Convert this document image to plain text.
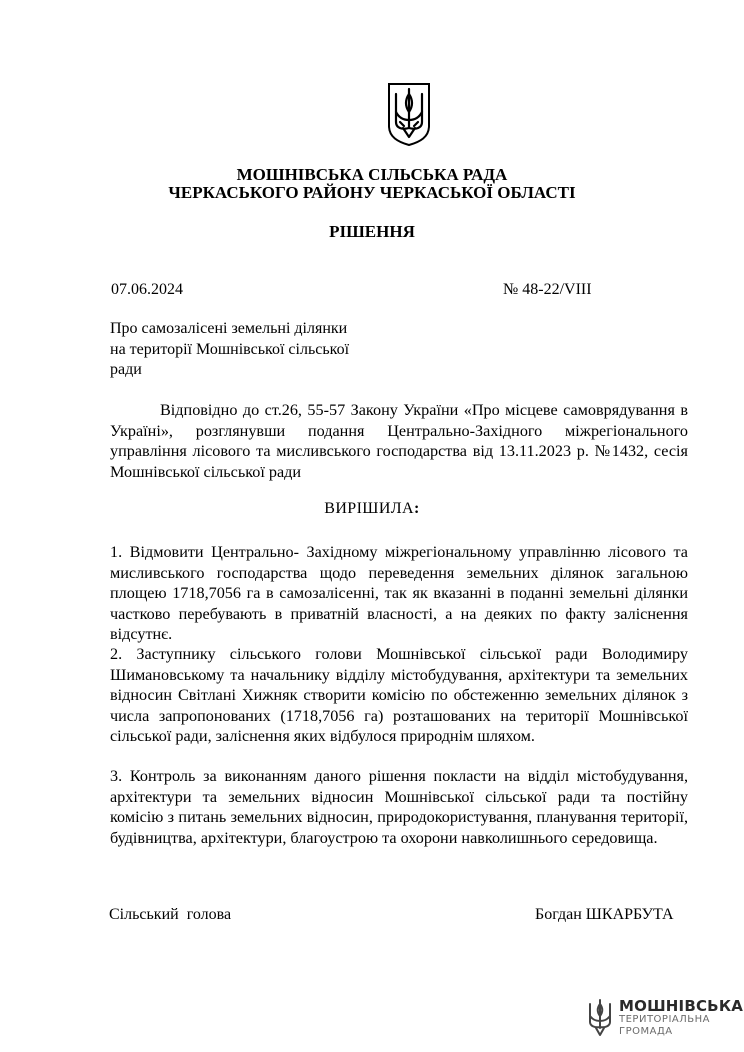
МОШНІВСЬКА СІЛЬСЬКА РАДА
ЧЕРКАСЬКОГО РАЙОНУ ЧЕРКАСЬКОЇ ОБЛАСТІ
РІШЕННЯ
07.06.2024	№ 48-22/VIII
Про самозалісені земельні ділянки
на території Мошнівської сільської
ради
Відповідно до ст.26, 55-57 Закону України «Про місцеве самоврядування в Україні», розглянувши подання Центрально-Західного міжрегіонального управління лісового та мисливського господарства від 13.11.2023 р. №1432, сесія Мошнівської сільської ради
ВИРІШИЛА:
1. Відмовити Центрально- Західному міжрегіональному управлінню лісового та мисливського господарства щодо переведення земельних ділянок загальною площею 1718,7056 га в самозалісенні, так як вказанні в поданні земельні ділянки частково перебувають в приватній власності, а на деяких по факту заліснення відсутнє.
2. Заступнику сільського голови Мошнівської сільської ради Володимиру Шимановському та начальнику відділу містобудування, архітектури та земельних відносин Світлані Хижняк створити комісію по обстеженню земельних ділянок з числа запропонованих (1718,7056 га) розташованих на території Мошнівської сільської ради, заліснення яких відбулося природнім шляхом.
3. Контроль за виконанням даного рішення покласти на відділ містобудування, архітектури та земельних відносин Мошнівської сільської ради та постійну комісію з питань земельних відносин, природокористування, планування території, будівництва, архітектури, благоустрою та охорони навколишнього середовища.
Сільський  голова	Богдан ШКАРБУТА
МОШНІВСЬКА
ТЕРИТОРІАЛЬНА
ГРОМАДА
